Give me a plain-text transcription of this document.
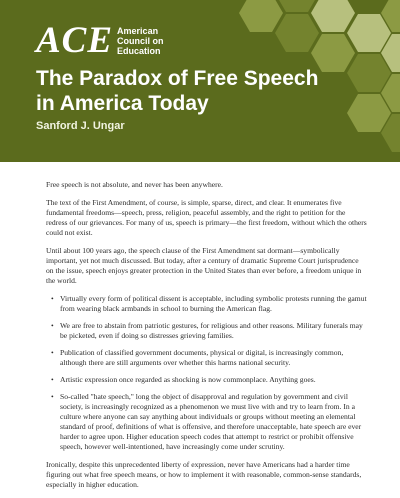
ACE American
Council on
Education
The Paradox of Free Speech in America Today
Sanford J. Ungar

Free speech is not absolute, and never has been anywhere.

The text of the First Amendment, of course, is simple, sparse, direct, and clear. It enumerates five fundamental freedoms—speech, press, religion, peaceful assembly, and the right to petition for the redress of our grievances. For many of us, speech is primary—the first freedom, without which the others could not exist.

Until about 100 years ago, the speech clause of the First Amendment sat dormant—symbolically important, yet not much discussed. But today, after a century of dramatic Supreme Court jurisprudence on the issue, speech enjoys greater protection in the United States than ever before, a freedom unique in the world.

• Virtually every form of political dissent is acceptable, including symbolic protests running the gamut from wearing black armbands in school to burning the American flag.
• We are free to abstain from patriotic gestures, for religious and other reasons. Military funerals may be picketed, even if doing so distresses grieving families.
• Publication of classified government documents, physical or digital, is increasingly common, although there are still arguments over whether this harms national security.
• Artistic expression once regarded as shocking is now commonplace. Anything goes.
• So-called "hate speech," long the object of disapproval and regulation by government and civil society, is increasingly recognized as a phenomenon we must live with and try to learn from. In a culture where anyone can say anything about individuals or groups without meeting an elemental standard of proof, definitions of what is offensive, and therefore unacceptable, hate speech are ever harder to agree upon. Higher education speech codes that attempt to restrict or prohibit offensive speech, however well-intentioned, have increasingly come under scrutiny.

Ironically, despite this unprecedented liberty of expression, never have Americans had a harder time figuring out what free speech means, or how to implement it with reasonable, common-sense standards, especially in higher education.
